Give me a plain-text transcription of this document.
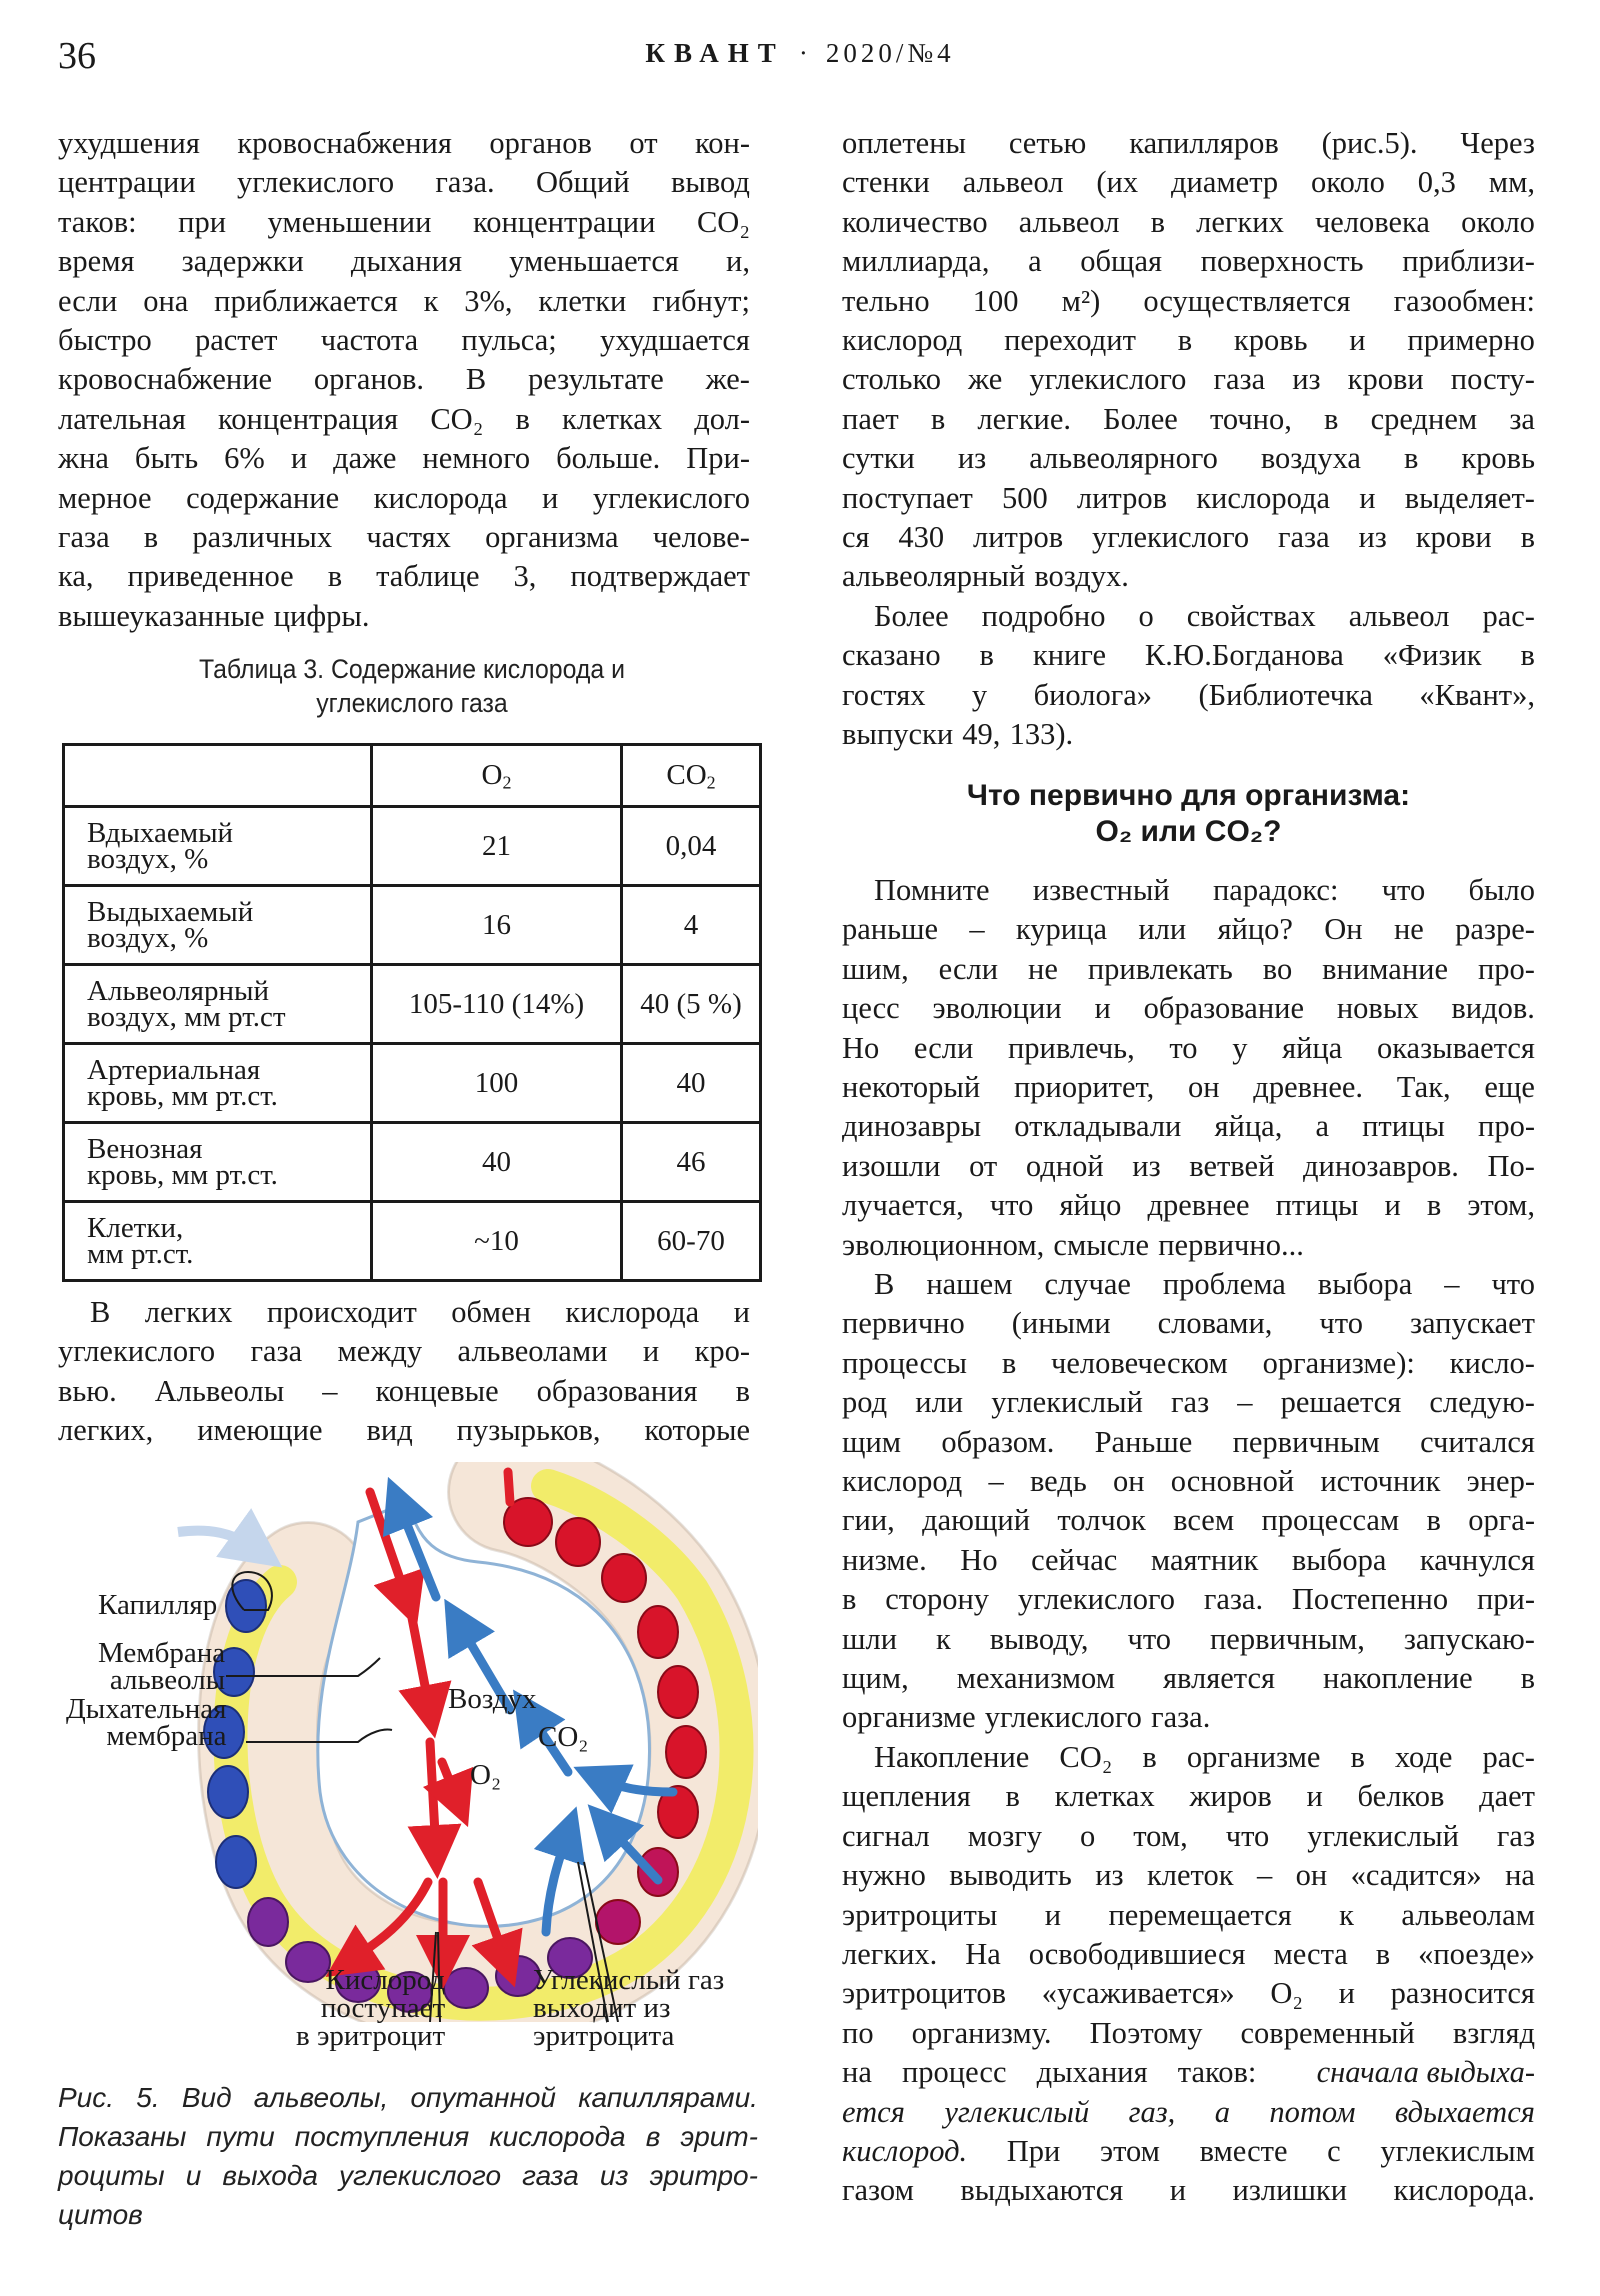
36	КВАНТ · 2020/№4
ухудшения кровоснабжения органов от кон-
центрации углекислого газа. Общий вывод
таков: при уменьшении концентрации CO₂
время задержки дыхания уменьшается и,
если она приближается к 3%, клетки гибнут;
быстро растет частота пульса; ухудшается
кровоснабжение органов. В результате же-
лательная концентрация CO₂ в клетках дол-
жна быть 6% и даже немного больше. При-
мерное содержание кислорода и углекислого
газа в различных частях организма челове-
ка, приведенное в таблице 3, подтверждает
вышеуказанные цифры.
Таблица 3. Содержание кислорода и
углекислого газа
	$O_2$	$CO_2$

Вдыхаемый
воздух, %	21	0,04

Выдыхаемый
воздух, %	16	4

Альвеолярный
воздух, мм рт.ст	105-110 (14%)	40 (5 %)

Артериальная
кровь, мм рт.ст.	100	40

Венозная
кровь, мм рт.ст.	40	46

Клетки,
мм рт.ст.	~10	60-70
В легких происходит обмен кислорода и
углекислого газа между альвеолами и кро-
вью. Альвеолы – концевые образования в
легких, имеющие вид пузырьков, которые
Капилляр
Мембрана
альвеолы
Дыхательная
мембрана
Воздух
CO₂
O₂
Кислород
поступает
в эритроцит
Углекислый газ
выходит из
эритроцита
Рис. 5. Вид альвеолы, опутанной капиллярами.
Показаны пути поступления кислорода в эрит-
роциты и выхода углекислого газа из эритро-
цитов
оплетены сетью капилляров (рис.5). Через
стенки альвеол (их диаметр около 0,3 мм,
количество альвеол в легких человека около
миллиарда, а общая поверхность приблизи-
тельно 100 м²) осуществляется газообмен:
кислород переходит в кровь и примерно
столько же углекислого газа из крови посту-
пает в легкие. Более точно, в среднем за
сутки из альвеолярного воздуха в кровь
поступает 500 литров кислорода и выделяет-
ся 430 литров углекислого газа из крови в
альвеолярный воздух.
Более подробно о свойствах альвеол рас-
сказано в книге К.Ю.Богданова «Физик в
гостях у биолога» (Библиотечка «Квант»,
выпуски 49, 133).
Что первично для организма:
O₂ или CO₂?
Помните известный парадокс: что было
раньше – курица или яйцо? Он не разре-
шим, если не привлекать во внимание про-
цесс эволюции и образование новых видов.
Но если привлечь, то у яйца оказывается
некоторый приоритет, он древнее. Так, еще
динозавры откладывали яйца, а птицы про-
изошли от одной из ветвей динозавров. По-
лучается, что яйцо древнее птицы и в этом,
эволюционном, смысле первично...
В нашем случае проблема выбора – что
первично (иными словами, что запускает
процессы в человеческом организме): кисло-
род или углекислый газ – решается следую-
щим образом. Раньше первичным считался
кислород – ведь он основной источник энер-
гии, дающий толчок всем процессам в орга-
низме. Но сейчас маятник выбора качнулся
в сторону углекислого газа. Постепенно при-
шли к выводу, что первичным, запускаю-
щим, механизмом является накопление в
организме углекислого газа.
Накопление CO₂ в организме в ходе рас-
щепления в клетках жиров и белков дает
сигнал мозгу о том, что углекислый газ
нужно выводить из клеток – он «садится» на
эритроциты и перемещается к альвеолам
легких. На освободившиеся места в «поезде»
эритроцитов «усаживается» O₂ и разносится
по организму. Поэтому современный взгляд
на процесс дыхания таков: сначала выдыха-
ется углекислый газ, а потом вдыхается
кислород. При этом вместе с углекислым
газом выдыхаются и излишки кислорода.
